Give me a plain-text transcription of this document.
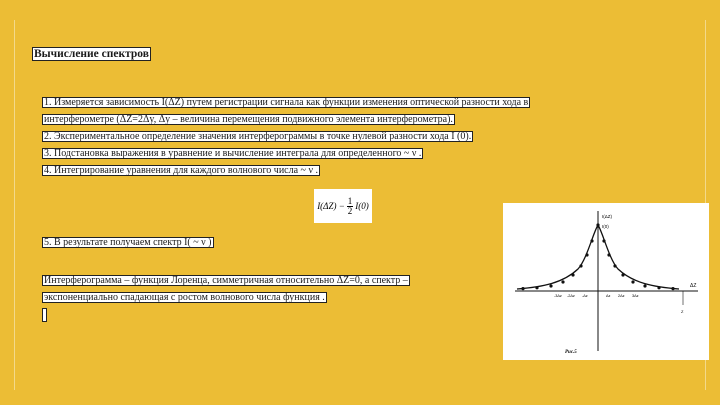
Вычисление спектров
1. Измеряется зависимость I(ΔZ) путем регистрации сигнала как функции изменения оптической разности хода в
интерферометре (ΔZ=2Δy, Δy – величина перемещения подвижного элемента интерферометра).
2. Экспериментальное определение значения интерферограммы в точке нулевой разности хода I (0).
3. Подстановка выражения в уравнение и вычисление интеграла для определенного ~ ν .
4. Интегрирование уравнения для каждого волнового числа ~ ν .
$I(\Delta Z) - \frac{1}{2} I(0)$
5. В результате получаем спектр I( ~ ν )
Интерферограмма – функция Лоренца, симметричная относительно ΔZ=0, а спектр –
экспоненциально спадающая с ростом волнового числа функция .
I(ΔZ)
I(0)
ΔZ
-3Δz -2Δz -Δz	Δz 2Δz 3Δz
Z
Рис.5
